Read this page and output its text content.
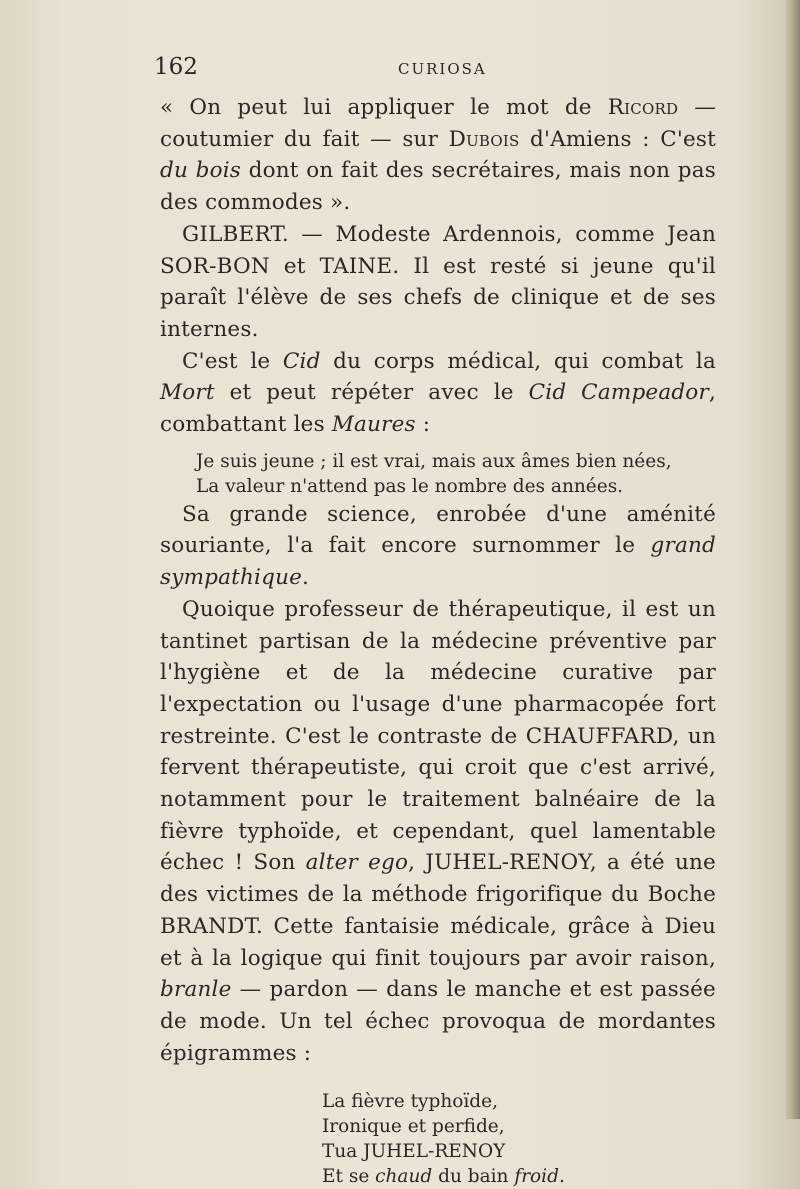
162	CURIOSA

« On peut lui appliquer le mot de Ricord — coutumier du fait — sur Dubois d'Amiens : C'est du bois dont on fait des secrétaires, mais non pas des commodes ».

GILBERT. — Modeste Ardennois, comme Jean SOR-BON et TAINE. Il est resté si jeune qu'il paraît l'élève de ses chefs de clinique et de ses internes.

C'est le Cid du corps médical, qui combat la Mort et peut répéter avec le Cid Campeador, combattant les Maures :

Je suis jeune ; il est vrai, mais aux âmes bien nées,
La valeur n'attend pas le nombre des années.

Sa grande science, enrobée d'une aménité souriante, l'a fait encore surnommer le grand sympathique.

Quoique professeur de thérapeutique, il est un tantinet partisan de la médecine préventive par l'hygiène et de la médecine curative par l'expectation ou l'usage d'une pharmacopée fort restreinte. C'est le contraste de CHAUFFARD, un fervent thérapeutiste, qui croit que c'est arrivé, notamment pour le traitement balnéaire de la fièvre typhoïde, et cependant, quel lamentable échec ! Son alter ego, JUHEL-RENOY, a été une des victimes de la méthode frigorifique du Boche BRANDT. Cette fantaisie médicale, grâce à Dieu et à la logique qui finit toujours par avoir raison, branle — pardon — dans le manche et est passée de mode. Un tel échec provoqua de mordantes épigrammes :

La fièvre typhoïde,
Ironique et perfide,
Tua JUHEL-RENOY
Et se chaud du bain froid.
